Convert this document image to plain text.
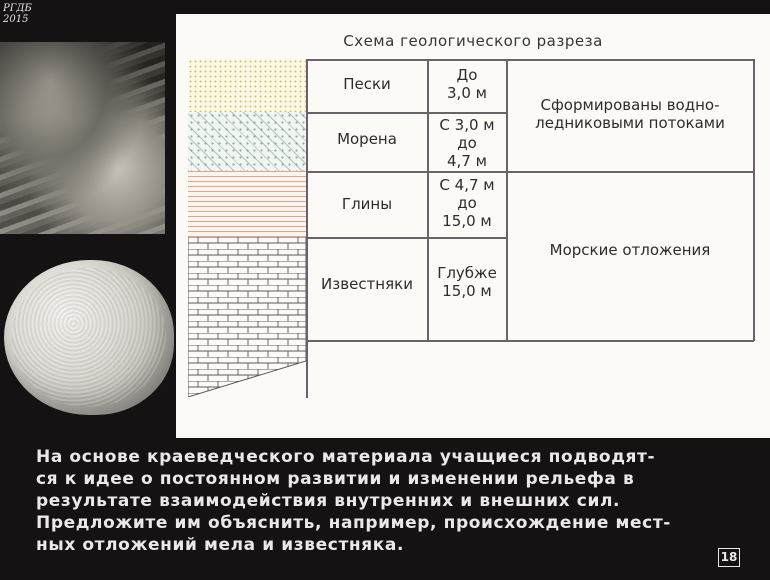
РГДБ
2015
Схема геологического разреза
Пески
Морена
Глины
Известняки
До
3,0 м
С 3,0 м
до
4,7 м
С 4,7 м
до
15,0 м
Глубже
15,0 м
Сформированы водно-
ледниковыми потоками
Морские отложения

На основе краеведческого материала учащиеся подводят-

ся к идее о постоянном развитии и изменении рельефа в

результате взаимодействия внутренних и внешних сил.

Предложите им объяснить, например, происхождение мест-

ных отложений мела и известняка.

18
